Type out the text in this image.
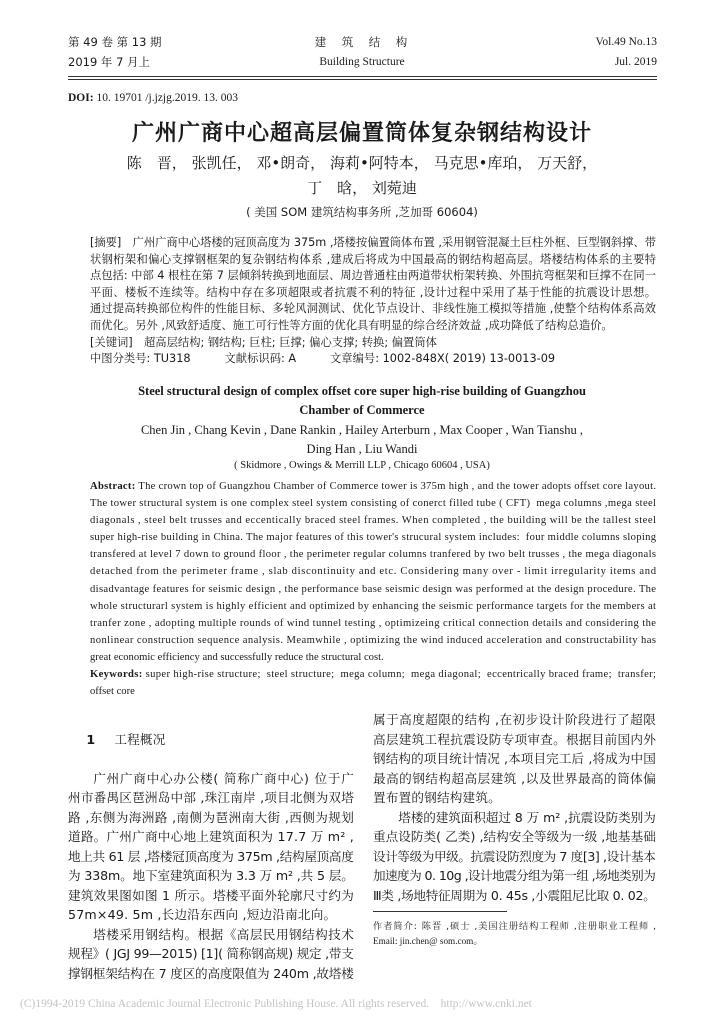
第 49 卷 第 13 期
2019 年 7 月上
建　筑　结　构
Building Structure
Vol.49 No.13
Jul. 2019
DOI: 10. 19701 /j.jzjg.2019. 13. 003
广州广商中心超高层偏置筒体复杂钢结构设计
陈　晋， 张凯任， 邓•朗奇， 海莉•阿特本， 马克思•库珀， 万天舒，
丁　晗， 刘菀迪
( 美国 SOM 建筑结构事务所 ,芝加哥 60604)
[摘要]　广州广商中心塔楼的冠顶高度为 375m ,塔楼按偏置筒体布置 ,采用钢管混凝土巨柱外框、巨型钢斜撑、带
状钢桁架和偏心支撑钢框架的复杂钢结构体系 ,建成后将成为中国最高的钢结构超高层。塔楼结构体系的主要特
点包括: 中部 4 根柱在第 7 层倾斜转换到地面层、周边普通柱由两道带状桁架转换、外围抗弯框架和巨撑不在同一
平面、楼板不连续等。结构中存在多项超限或者抗震不利的特征 ,设计过程中采用了基于性能的抗震设计思想。
通过提高转换部位构件的性能目标、多轮风洞测试、优化节点设计、非线性施工模拟等措施 ,使整个结构体系高效
而优化。另外 ,风致舒适度、施工可行性等方面的优化具有明显的综合经济效益 ,成功降低了结构总造价。
[关键词]　超高层结构; 钢结构; 巨柱; 巨撑; 偏心支撑; 转换; 偏置筒体
中图分类号: TU318　　　文献标识码: A　　　文章编号: 1002-848X( 2019) 13-0013-09
Steel structural design of complex offset core super high-rise building of Guangzhou
Chamber of Commerce
Chen Jin , Chang Kevin , Dane Rankin , Hailey Arterburn , Max Cooper , Wan Tianshu ,
Ding Han , Liu Wandi
( Skidmore , Owings & Merrill LLP , Chicago 60604 , USA)
Abstract: The crown top of Guangzhou Chamber of Commerce tower is 375m high , and the tower adopts offset core layout.
The tower structural system is one complex steel system consisting of conerct filled tube ( CFT)  mega columns ,mega steel
diagonals , steel belt trusses and eccentically braced steel frames. When completed , the building will be the tallest steel
super high-rise building in China. The major features of this tower's strucural system includes:  four middle columns sloping
transfered at level 7 down to ground floor , the perimeter regular columns tranfered by two belt trusses , the mega diagonals
detached from the perimeter frame , slab discontinuity and etc. Considering many over - limit irregularity items and
disadvantage features for seismic design , the performance base seismic design was performed at the design procedure. The
whole structurarl system is highly efficient and optimized by enhancing the seismic performance targets for the members at
tranfer zone , adopting multiple rounds of wind tunnel testing , optimizeing critical connection details and considering the
nonlinear construction sequence analysis. Meamwhile , optimizing the wind induced acceleration and constructability has
great economic efficiency and successfully reduce the structural cost.
Keywords: super high-rise structure;  steel structure;  mega column;  mega diagonal;  eccentrically braced frame;  transfer;
offset core

1 工程概况

广州广商中心办公楼( 简称广商中心) 位于广
州市番禺区琶洲岛中部 ,珠江南岸 ,项目北侧为双塔
路 ,东侧为海洲路 ,南侧为琶洲南大街 ,西侧为规划
道路。广州广商中心地上建筑面积为 17.7 万 m² ,
地上共 61 层 ,塔楼冠顶高度为 375m ,结构屋顶高度
为 338m。地下室建筑面积为 3.3 万 m² ,共 5 层。
建筑效果图如图 1 所示。塔楼平面外轮廓尺寸约为
57m×49. 5m ,长边沿东西向 ,短边沿南北向。
塔楼采用钢结构。根据《高层民用钢结构技术
规程》( JGJ 99—2015) [1]( 简称钢高规) 规定 ,带支
撑钢框架结构在 7 度区的高度限值为 240m ,故塔楼
属于高度超限的结构 ,在初步设计阶段进行了超限
高层建筑工程抗震设防专项审查。根据目前国内外
钢结构的项目统计情况 ,本项目完工后 ,将成为中国
最高的钢结构超高层建筑 ,以及世界最高的筒体偏
置布置的钢结构建筑。
塔楼的建筑面积超过 8 万 m² ,抗震设防类别为
重点设防类( 乙类) ,结构安全等级为一级 ,地基基础
设计等级为甲级。抗震设防烈度为 7 度[3] ,设计基本
加速度为 0. 10g ,设计地震分组为第一组 ,场地类别为
Ⅲ类 ,场地特征周期为 0. 45s ,小震阻尼比取 0. 02。
作者简介: 陈晋 ,硕士 ,美国注册结构工程师 ,注册职业工程师 ,
Email: jin.chen@ som.com。
(C)1994-2019 China Academic Journal Electronic Publishing House. All rights reserved.    http://www.cnki.net
